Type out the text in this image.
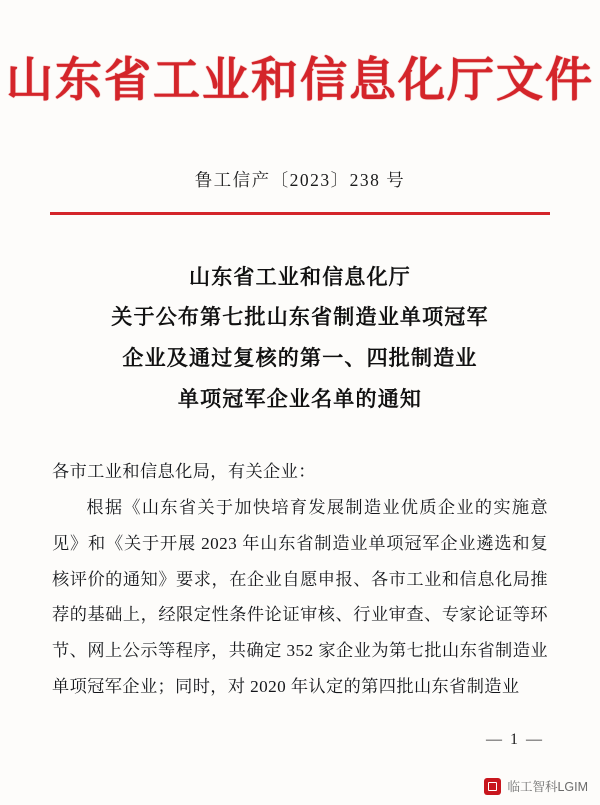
山东省工业和信息化厅文件
鲁工信产〔2023〕238 号
山东省工业和信息化厅
关于公布第七批山东省制造业单项冠军
企业及通过复核的第一、四批制造业
单项冠军企业名单的通知

各市工业和信息化局，有关企业：

根据《山东省关于加快培育发展制造业优质企业的实施意见》和《关于开展 2023 年山东省制造业单项冠军企业遴选和复核评价的通知》要求，在企业自愿申报、各市工业和信息化局推荐的基础上，经限定性条件论证审核、行业审查、专家论证等环节、网上公示等程序，共确定 352 家企业为第七批山东省制造业单项冠军企业；同时，对 2020 年认定的第四批山东省制造业

— 1 —
临工智科LGIM
